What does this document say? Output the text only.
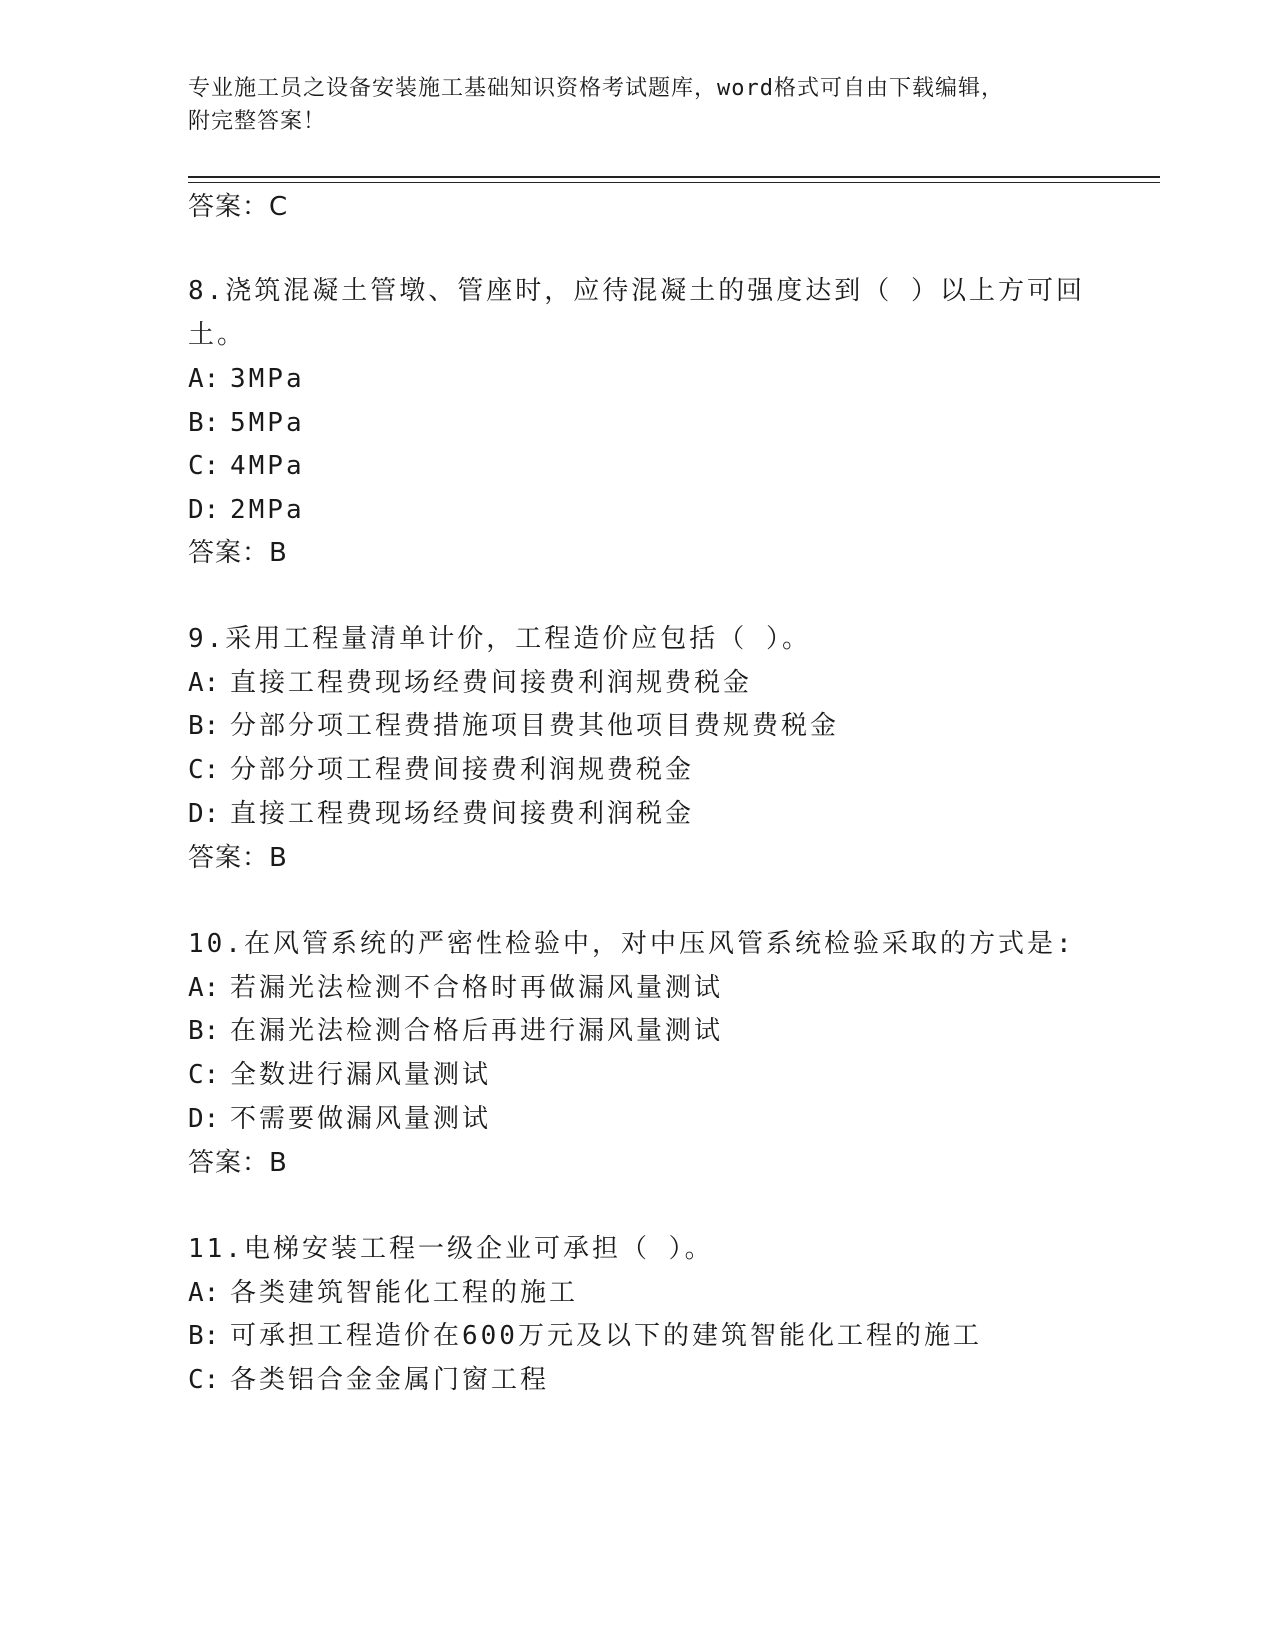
专业施工员之设备安装施工基础知识资格考试题库，word格式可自由下载编辑，
附完整答案！
答案：C
8.浇筑混凝土管墩、管座时，应待混凝土的强度达到（ ）以上方可回
土。
A: 3MPa
B: 5MPa
C: 4MPa
D: 2MPa
答案：B
9.采用工程量清单计价，工程造价应包括（ ）。
A: 直接工程费现场经费间接费利润规费税金
B: 分部分项工程费措施项目费其他项目费规费税金
C: 分部分项工程费间接费利润规费税金
D: 直接工程费现场经费间接费利润税金
答案：B
10.在风管系统的严密性检验中，对中压风管系统检验采取的方式是:
A: 若漏光法检测不合格时再做漏风量测试
B: 在漏光法检测合格后再进行漏风量测试
C: 全数进行漏风量测试
D: 不需要做漏风量测试
答案：B
11.电梯安装工程一级企业可承担（ ）。
A: 各类建筑智能化工程的施工
B: 可承担工程造价在600万元及以下的建筑智能化工程的施工
C: 各类铝合金金属门窗工程
